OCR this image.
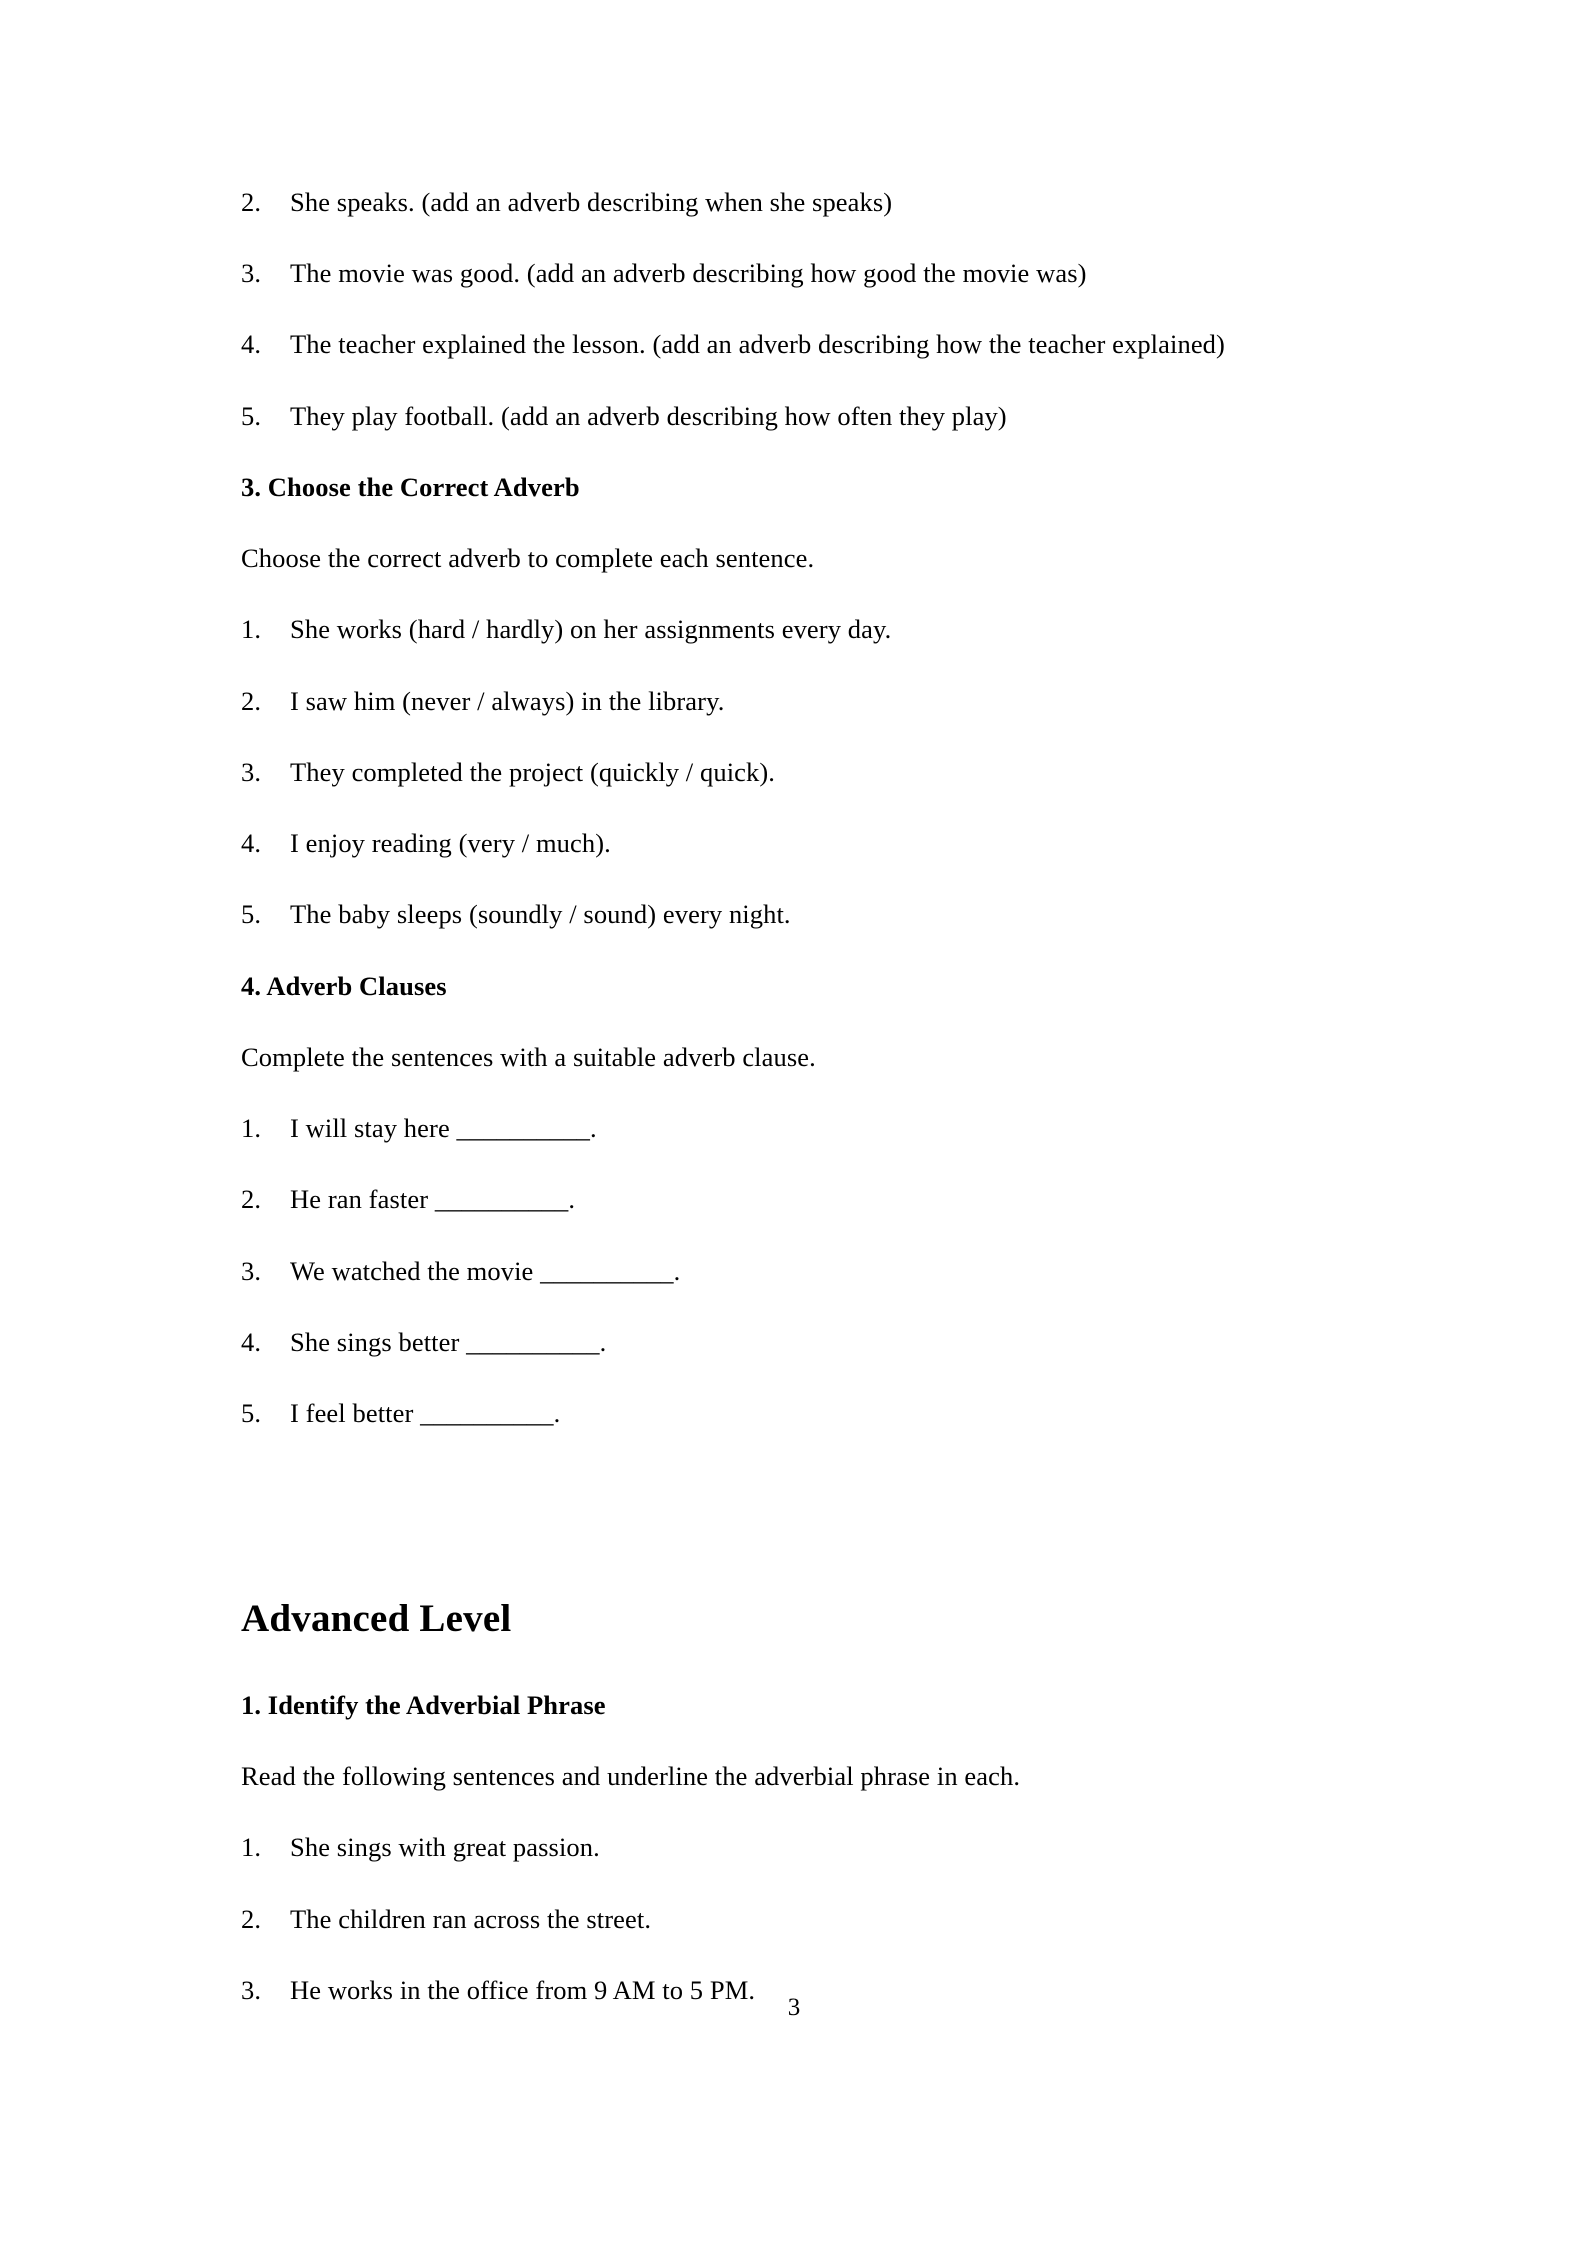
2.	She speaks. (add an adverb describing when she speaks)
3.	The movie was good. (add an adverb describing how good the movie was)
4.	The teacher explained the lesson. (add an adverb describing how the teacher explained)
5.	They play football. (add an adverb describing how often they play)
3. Choose the Correct Adverb

Choose the correct adverb to complete each sentence.

1.	She works (hard / hardly) on her assignments every day.
2.	I saw him (never / always) in the library.
3.	They completed the project (quickly / quick).
4.	I enjoy reading (very / much).
5.	The baby sleeps (soundly / sound) every night.
4. Adverb Clauses

Complete the sentences with a suitable adverb clause.

1.	I will stay here __________.
2.	He ran faster __________.
3.	We watched the movie __________.
4.	She sings better __________.
5.	I feel better __________.
Advanced Level
1. Identify the Adverbial Phrase

Read the following sentences and underline the adverbial phrase in each.

1.	She sings with great passion.
2.	The children ran across the street.
3.	He works in the office from 9 AM to 5 PM.
3
